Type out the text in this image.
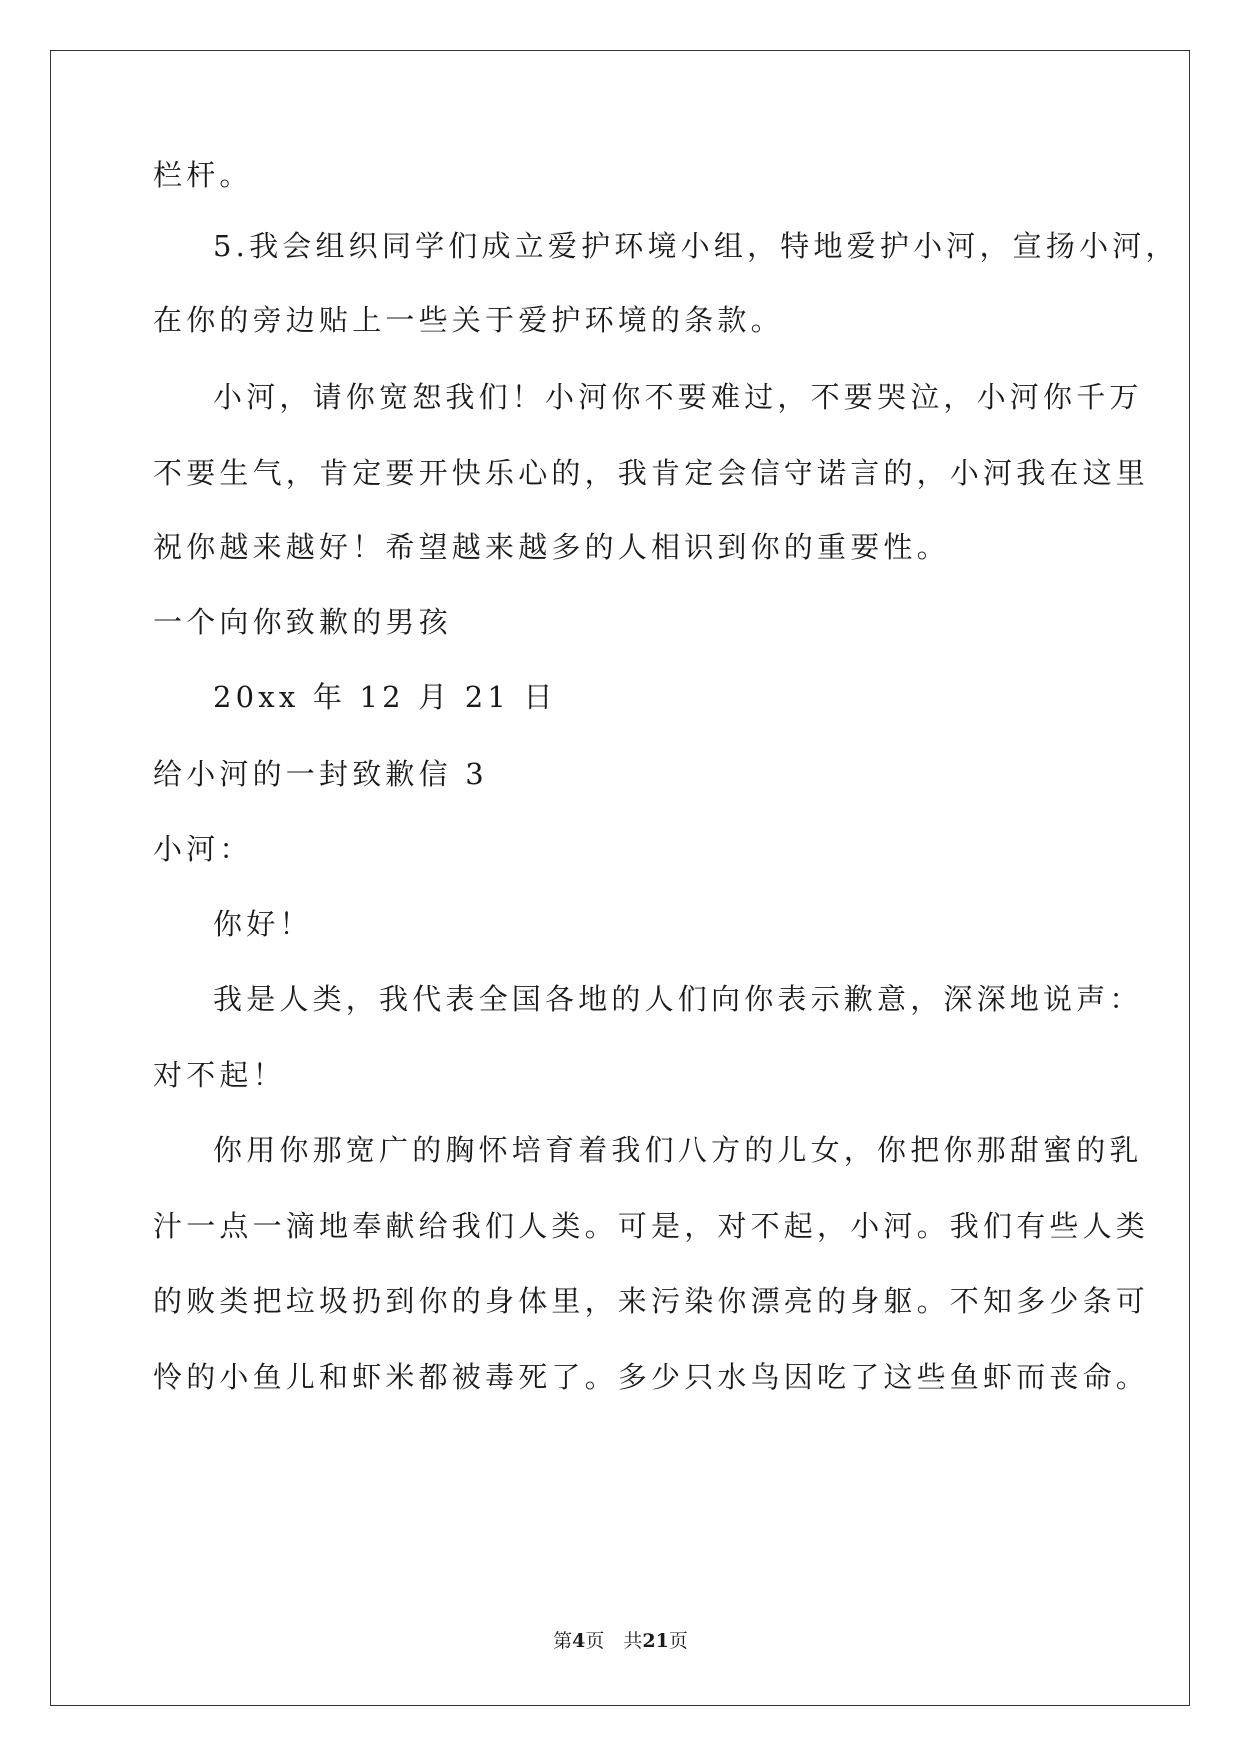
栏杆。
5.我会组织同学们成立爱护环境小组，特地爱护小河，宣扬小河，
在你的旁边贴上一些关于爱护环境的条款。
小河，请你宽恕我们！小河你不要难过，不要哭泣，小河你千万
不要生气，肯定要开快乐心的，我肯定会信守诺言的，小河我在这里
祝你越来越好！希望越来越多的人相识到你的重要性。
一个向你致歉的男孩
20xx 年 12 月 21 日
给小河的一封致歉信 3
小河：
你好！
我是人类，我代表全国各地的人们向你表示歉意，深深地说声：
对不起！
你用你那宽广的胸怀培育着我们八方的儿女，你把你那甜蜜的乳
汁一点一滴地奉献给我们人类。可是，对不起，小河。我们有些人类
的败类把垃圾扔到你的身体里，来污染你漂亮的身躯。不知多少条可
怜的小鱼儿和虾米都被毒死了。多少只水鸟因吃了这些鱼虾而丧命。
第4页　共21页
